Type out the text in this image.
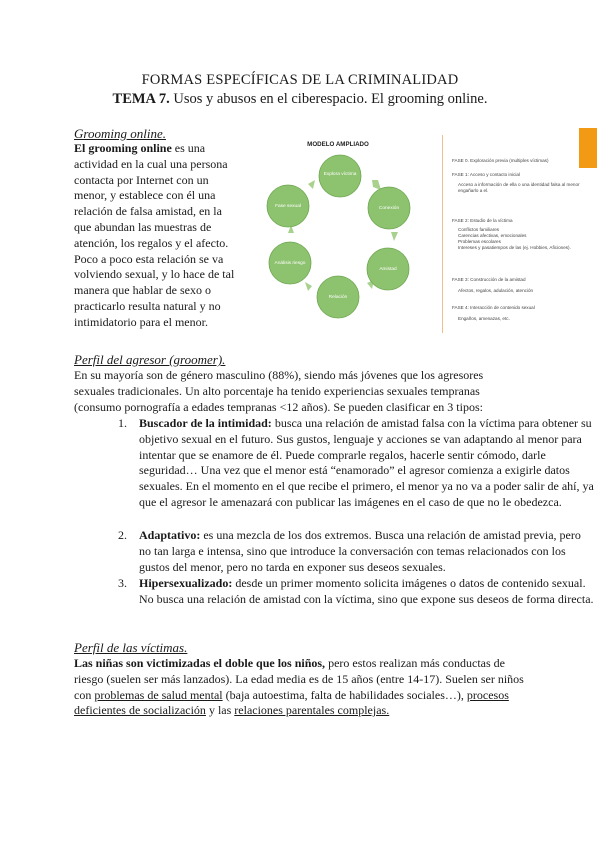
FORMAS ESPECÍFICAS DE LA CRIMINALIDAD
TEMA 7. Usos y abusos en el ciberespacio. El grooming online.
Grooming online.
El grooming online es una actividad en la cual una persona contacta por Internet con un menor, y establece con él una relación de falsa amistad, en la que abundan las muestras de atención, los regalos y el afecto. Poco a poco esta relación se va volviendo sexual, y lo hace de tal manera que hablar de sexo o practicarlo resulta natural y no intimidatorio para el menor.
MODELO AMPLIADO
Explora víctima
Conexión
Amistad
Relación
Análisis riesgo
Fase sexual
FASE 0. Exploración previa (multiples víctimas)
FASE 1: Acceso y contacto inicial
Acceso a información de ella o una identidad falsa al menor engañarlo a el.
FASE 2: Estudio de la víctima
Conflictos familiares
Carencias afectivas, emocionales
Problemas escolares
Intereses y pasatiempos de las (ej. Hobbies, Aficiones).
FASE 3: Construcción de la amistad
Afectos, regalos, adulación, atención
FASE 4: Interacción de contenido sexual
Engaños, amenazas, etc.
Perfil del agresor (groomer).
En su mayoría son de género masculino (88%), siendo más jóvenes que los agresores sexuales tradicionales. Un alto porcentaje ha tenido experiencias sexuales tempranas (consumo pornografía a edades tempranas <12 años). Se pueden clasificar en 3 tipos:
1. Buscador de la intimidad: busca una relación de amistad falsa con la víctima para obtener su objetivo sexual en el futuro. Sus gustos, lenguaje y acciones se van adaptando al menor para intentar que se enamore de él. Puede comprarle regalos, hacerle sentir cómodo, darle seguridad… Una vez que el menor está “enamorado” el agresor comienza a exigirle datos sexuales. En el momento en el que recibe el primero, el menor ya no va a poder salir de ahí, ya que el agresor le amenazará con publicar las imágenes en el caso de que no le obedezca.
2. Adaptativo: es una mezcla de los dos extremos. Busca una relación de amistad previa, pero no tan larga e intensa, sino que introduce la conversación con temas relacionados con los gustos del menor, pero no tarda en exponer sus deseos sexuales.
3. Hipersexualizado: desde un primer momento solicita imágenes o datos de contenido sexual. No busca una relación de amistad con la víctima, sino que expone sus deseos de forma directa.
Perfil de las víctimas.
Las niñas son victimizadas el doble que los niños, pero estos realizan más conductas de riesgo (suelen ser más lanzados). La edad media es de 15 años (entre 14-17). Suelen ser niños con problemas de salud mental (baja autoestima, falta de habilidades sociales…), procesos deficientes de socialización y las relaciones parentales complejas.
